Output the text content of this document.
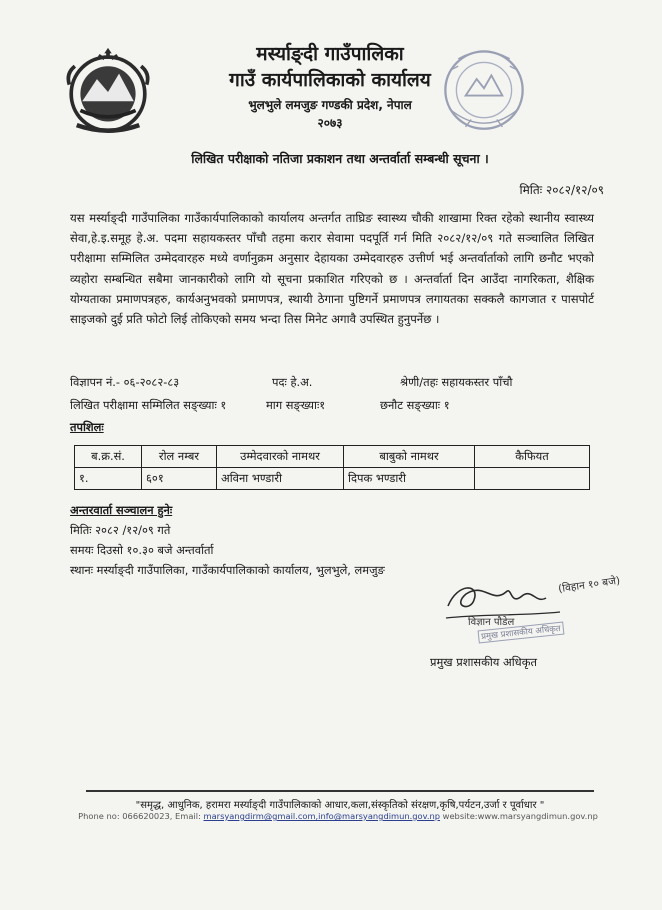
मर्स्याङ्दी गाउँपालिका
गाउँ कार्यपालिकाको कार्यालय
भुलभुले लमजुङ गण्डकी प्रदेश, नेपाल
२०७३
लिखित परीक्षाको नतिजा प्रकाशन तथा अन्तर्वार्ता सम्बन्धी सूचना ।
मितिः २०८२/१२/०९
यस मर्स्याङ्दी गाउँपालिका गाउँकार्यपालिकाको कार्यालय अन्तर्गत ताघ्रिङ स्वास्थ्य चौकी शाखामा रिक्त रहेको स्थानीय स्वास्थ्य सेवा,हे.इ.समूह हे.अ. पदमा सहायकस्तर पाँचौ तहमा करार सेवामा पदपूर्ति गर्न मिति २०८२/१२/०९ गते सञ्चालित लिखित परीक्षामा सम्मिलित उम्मेदवारहरु मध्ये वर्णानुक्रम अनुसार देहायका उम्मेदवारहरु उत्तीर्ण भई अन्तर्वार्ताको लागि छनौट भएको व्यहोरा सम्बन्धित सबैमा जानकारीको लागि यो सूचना प्रकाशित गरिएको छ । अन्तर्वार्ता दिन आउँदा नागरिकता, शैक्षिक योग्यताका प्रमाणपत्रहरु, कार्यअनुभवको प्रमाणपत्र, स्थायी ठेगाना पुष्टिगर्ने प्रमाणपत्र लगायतका सक्कलै कागजात र पासपोर्ट साइजको दुई प्रति फोटो लिई तोकिएको समय भन्दा तिस मिनेट अगावै उपस्थित हुनुपर्नेछ ।
विज्ञापन नं.- ०६-२०८२-८३	पदः हे.अ.	श्रेणी/तहः सहायकस्तर पाँचौ
लिखित परीक्षामा सम्मिलित सङ्ख्याः १	माग सङ्ख्याः१	छनौट सङ्ख्याः १
तपशिलः
ब.क्र.सं.	रोल नम्बर	उम्मेदवारको नामथर	बाबुको नामथर	कैफियत
१.	६०१	अविना भण्डारी	दिपक भण्डारी	
अन्तरवार्ता सञ्चालन हुनेः
मितिः २०८२ /१२/०९ गते
समयः दिउसो १०.३० बजे अन्तर्वार्ता
स्थानः मर्स्याङ्दी गाउँपालिका, गाउँकार्यपालिकाको कार्यालय, भुलभुले, लमजुङ
(विहान १० बजे)
विज्ञान पौडेल
प्रमुख प्रशासकीय अधिकृत
प्रमुख प्रशासकीय अधिकृत
"समृद्ध, आधुनिक, हरामरा मर्स्याङ्दी गाउँपालिकाको आधार,कला,संस्कृतिको संरक्षण,कृषि,पर्यटन,उर्जा र पूर्वाधार "
Phone no: 066620023, Email: marsyangdirm@gmail.com,info@marsyangdimun.gov.np website:www.marsyangdimun.gov.np
